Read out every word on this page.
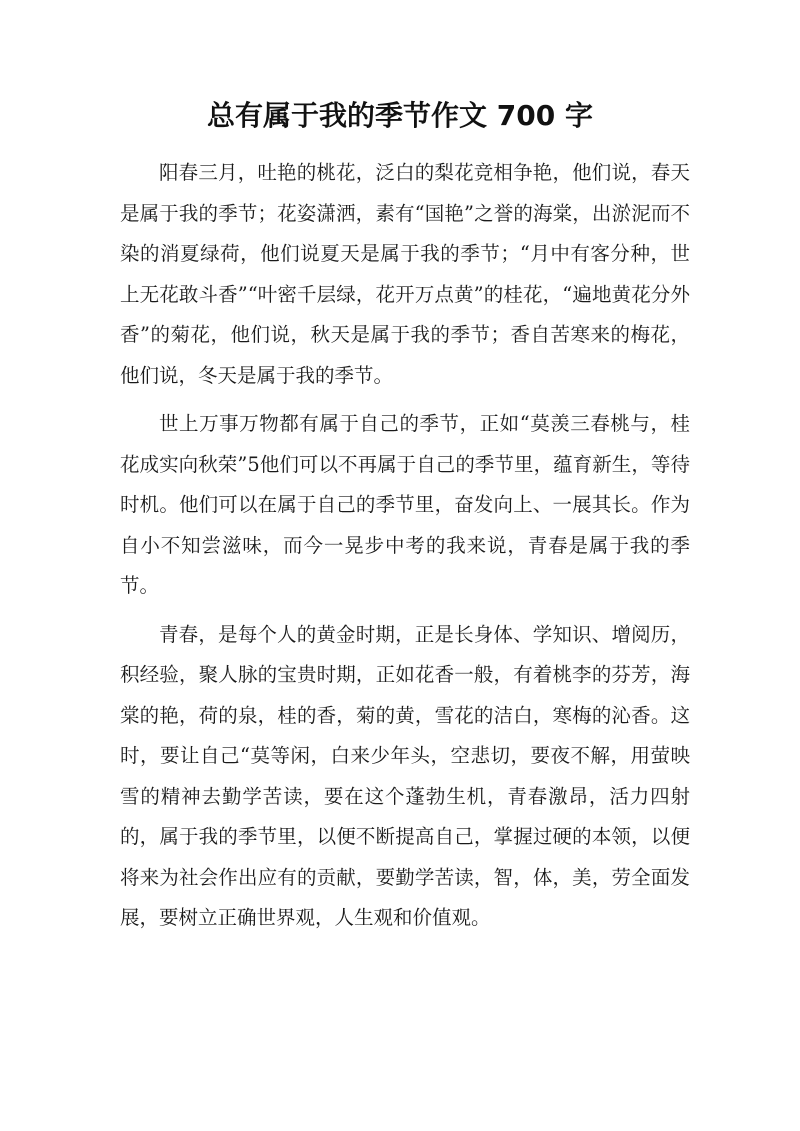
总有属于我的季节作文 700 字

阳春三月，吐艳的桃花，泛白的梨花竞相争艳，他们说，春天是属于我的季节；花姿潇洒，素有“国艳”之誉的海棠，出淤泥而不染的消夏绿荷，他们说夏天是属于我的季节；“月中有客分种，世上无花敢斗香”“叶密千层绿，花开万点黄”的桂花，“遍地黄花分外香”的菊花，他们说，秋天是属于我的季节；香自苦寒来的梅花，他们说，冬天是属于我的季节。

世上万事万物都有属于自己的季节，正如“莫羡三春桃与，桂花成实向秋荣”5他们可以不再属于自己的季节里，蕴育新生，等待时机。他们可以在属于自己的季节里，奋发向上、一展其长。作为自小不知尝滋味，而今一晃步中考的我来说，青春是属于我的季节。

青春，是每个人的黄金时期，正是长身体、学知识、增阅历，积经验，聚人脉的宝贵时期，正如花香一般，有着桃李的芬芳，海棠的艳，荷的泉，桂的香，菊的黄，雪花的洁白，寒梅的沁香。这时，要让自己“莫等闲，白来少年头，空悲切，要夜不解，用萤映雪的精神去勤学苦读，要在这个蓬勃生机，青春激昂，活力四射的，属于我的季节里，以便不断提高自己，掌握过硬的本领，以便将来为社会作出应有的贡献，要勤学苦读，智，体，美，劳全面发展，要树立正确世界观，人生观和价值观。
